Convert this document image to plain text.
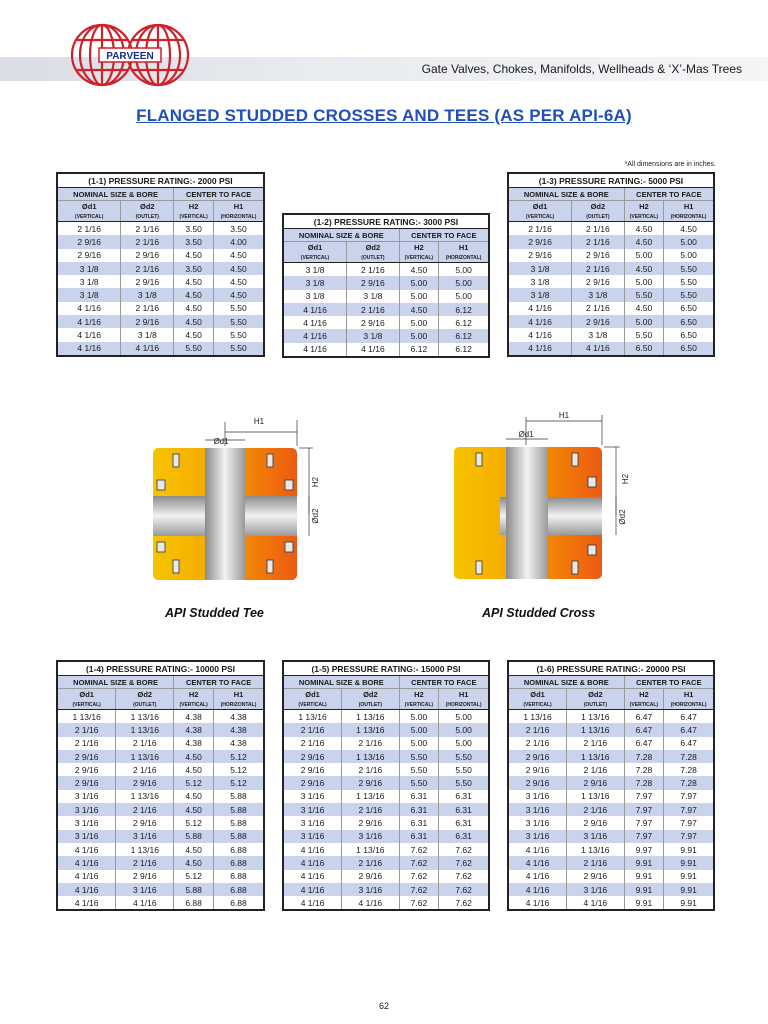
PARVEEN
Gate Valves, Chokes, Manifolds, Wellheads & ‘X’-Mas Trees
FLANGED STUDDED CROSSES AND TEES (AS PER API-6A)
*All dimensions are in inches.
(1-1) PRESSURE RATING:- 2000 PSI			
NOMINAL SIZE & BORE		CENTER TO FACE	
Ød1	Ød2	H2	H1
(VERTICAL)	(OUTLET)	(VERTICAL)	(HORIZONTAL)
2 1/16	2 1/16	3.50	3.50
2 9/16	2 1/16	3.50	4.00
2 9/16	2 9/16	4.50	4.50
3 1/8	2 1/16	3.50	4.50
3 1/8	2 9/16	4.50	4.50
3 1/8	3 1/8	4.50	4.50
4 1/16	2 1/16	4.50	5.50
4 1/16	2 9/16	4.50	5.50
4 1/16	3 1/8	4.50	5.50
4 1/16	4 1/16	5.50	5.50
(1-2) PRESSURE RATING:- 3000 PSI			
NOMINAL SIZE & BORE		CENTER TO FACE	
Ød1	Ød2	H2	H1
(VERTICAL)	(OUTLET)	(VERTICAL)	(HORIZONTAL)
3 1/8	2 1/16	4.50	5.00
3 1/8	2 9/16	5.00	5.00
3 1/8	3 1/8	5.00	5.00
4 1/16	2 1/16	4.50	6.12
4 1/16	2 9/16	5.00	6.12
4 1/16	3 1/8	5.00	6.12
4 1/16	4 1/16	6.12	6.12
(1-3) PRESSURE RATING:- 5000 PSI			
NOMINAL SIZE & BORE		CENTER TO FACE	
Ød1	Ød2	H2	H1
(VERTICAL)	(OUTLET)	(VERTICAL)	(HORIZONTAL)
2 1/16	2 1/16	4.50	4.50
2 9/16	2 1/16	4.50	5.00
2 9/16	2 9/16	5.00	5.00
3 1/8	2 1/16	4.50	5.50
3 1/8	2 9/16	5.00	5.50
3 1/8	3 1/8	5.50	5.50
4 1/16	2 1/16	4.50	6.50
4 1/16	2 9/16	5.00	6.50
4 1/16	3 1/8	5.50	6.50
4 1/16	4 1/16	6.50	6.50
H1
Ød1
H2
Ød2
API Studded Tee
H1
Ød1
H2
Ød2
API Studded Cross
(1-4) PRESSURE RATING:- 10000 PSI			
NOMINAL SIZE & BORE		CENTER TO FACE	
Ød1	Ød2	H2	H1
(VERTICAL)	(OUTLET)	(VERTICAL)	(HORIZONTAL)
1 13/16	1 13/16	4.38	4.38
2 1/16	1 13/16	4.38	4.38
2 1/16	2 1/16	4.38	4.38
2 9/16	1 13/16	4.50	5.12
2 9/16	2 1/16	4.50	5.12
2 9/16	2 9/16	5.12	5.12
3 1/16	1 13/16	4.50	5.88
3 1/16	2 1/16	4.50	5.88
3 1/16	2 9/16	5.12	5.88
3 1/16	3 1/16	5.88	5.88
4 1/16	1 13/16	4.50	6.88
4 1/16	2 1/16	4.50	6.88
4 1/16	2 9/16	5.12	6.88
4 1/16	3 1/16	5.88	6.88
4 1/16	4 1/16	6.88	6.88
(1-5) PRESSURE RATING:- 15000 PSI			
NOMINAL SIZE & BORE		CENTER TO FACE	
Ød1	Ød2	H2	H1
(VERTICAL)	(OUTLET)	(VERTICAL)	(HORIZONTAL)
1 13/16	1 13/16	5.00	5.00
2 1/16	1 13/16	5.00	5.00
2 1/16	2 1/16	5.00	5.00
2 9/16	1 13/16	5.50	5.50
2 9/16	2 1/16	5.50	5.50
2 9/16	2 9/16	5.50	5.50
3 1/16	1 13/16	6.31	6.31
3 1/16	2 1/16	6.31	6.31
3 1/16	2 9/16	6.31	6.31
3 1/16	3 1/16	6.31	6.31
4 1/16	1 13/16	7.62	7.62
4 1/16	2 1/16	7.62	7.62
4 1/16	2 9/16	7.62	7.62
4 1/16	3 1/16	7.62	7.62
4 1/16	4 1/16	7.62	7.62
(1-6) PRESSURE RATING:- 20000 PSI			
NOMINAL SIZE & BORE		CENTER TO FACE	
Ød1	Ød2	H2	H1
(VERTICAL)	(OUTLET)	(VERTICAL)	(HORIZONTAL)
1 13/16	1 13/16	6.47	6.47
2 1/16	1 13/16	6.47	6.47
2 1/16	2 1/16	6.47	6.47
2 9/16	1 13/16	7.28	7.28
2 9/16	2 1/16	7.28	7.28
2 9/16	2 9/16	7.28	7.28
3 1/16	1 13/16	7.97	7.97
3 1/16	2 1/16	7.97	7.97
3 1/16	2 9/16	7.97	7.97
3 1/16	3 1/16	7.97	7.97
4 1/16	1 13/16	9.97	9.91
4 1/16	2 1/16	9.91	9.91
4 1/16	2 9/16	9.91	9.91
4 1/16	3 1/16	9.91	9.91
4 1/16	4 1/16	9.91	9.91
62
